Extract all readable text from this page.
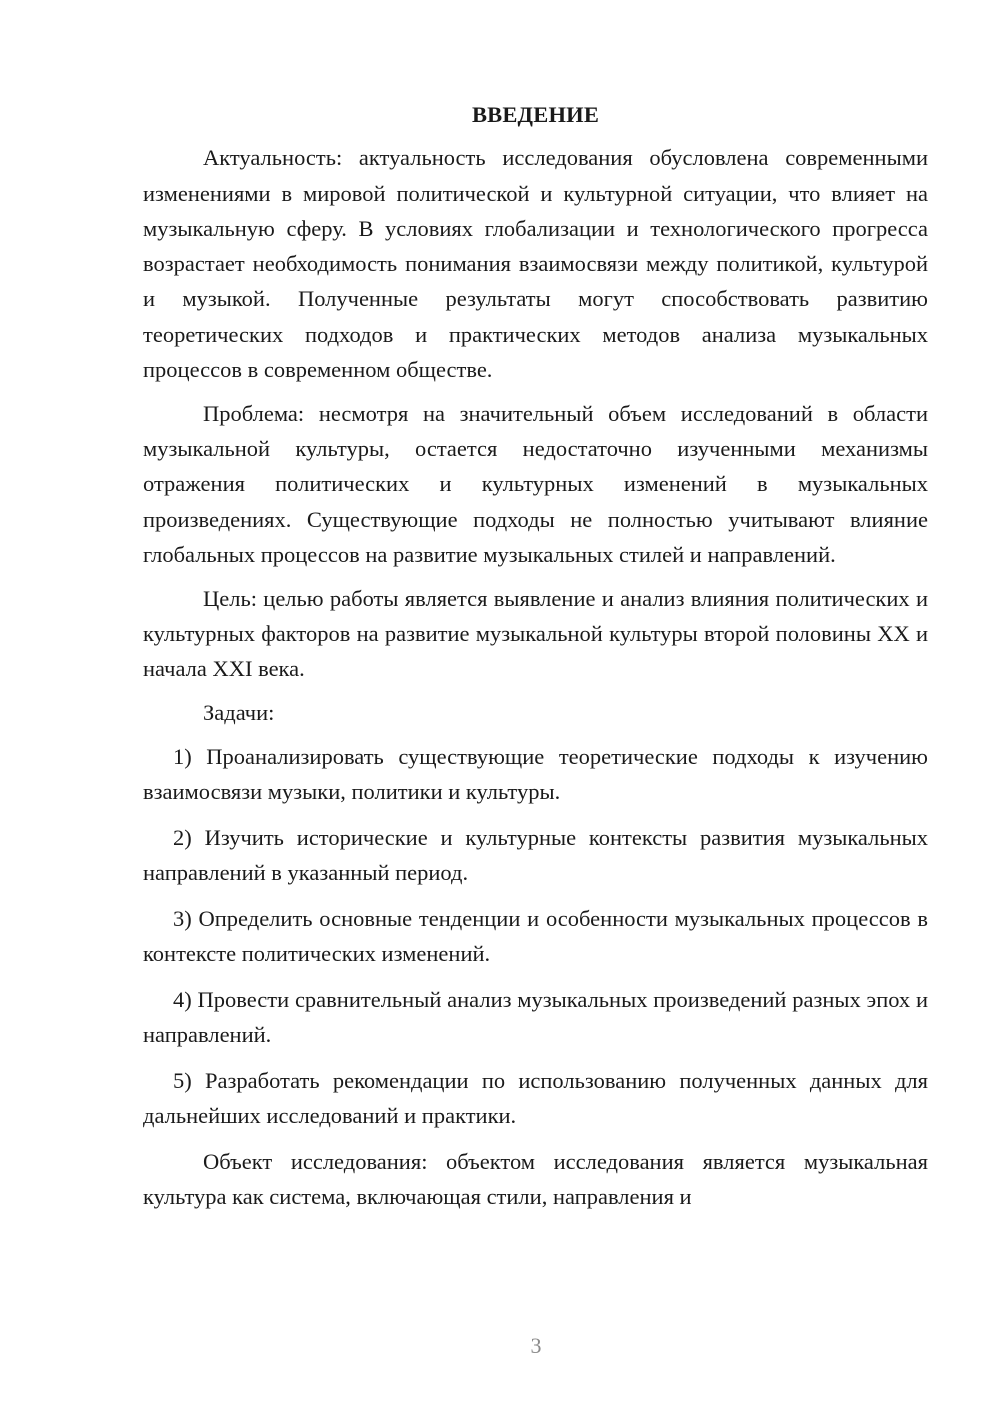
ВВЕДЕНИЕ

Актуальность: актуальность исследования обусловлена современными изменениями в мировой политической и культурной ситуации, что влияет на музыкальную сферу. В условиях глобализации и технологического прогресса возрастает необходимость понимания взаимосвязи между политикой, культурой и музыкой. Полученные результаты могут способствовать развитию теоретических подходов и практических методов анализа музыкальных процессов в современном обществе.

Проблема: несмотря на значительный объем исследований в области музыкальной культуры, остается недостаточно изученными механизмы отражения политических и культурных изменений в музыкальных произведениях. Существующие подходы не полностью учитывают влияние глобальных процессов на развитие музыкальных стилей и направлений.

Цель: целью работы является выявление и анализ влияния политических и культурных факторов на развитие музыкальной культуры второй половины XX и начала XXI века.

Задачи:

1) Проанализировать существующие теоретические подходы к изучению взаимосвязи музыки, политики и культуры.

2) Изучить исторические и культурные контексты развития музыкальных направлений в указанный период.

3) Определить основные тенденции и особенности музыкальных процессов в контексте политических изменений.

4) Провести сравнительный анализ музыкальных произведений разных эпох и направлений.

5) Разработать рекомендации по использованию полученных данных для дальнейших исследований и практики.

Объект исследования: объектом исследования является музыкальная культура как система, включающая стили, направления и

3
